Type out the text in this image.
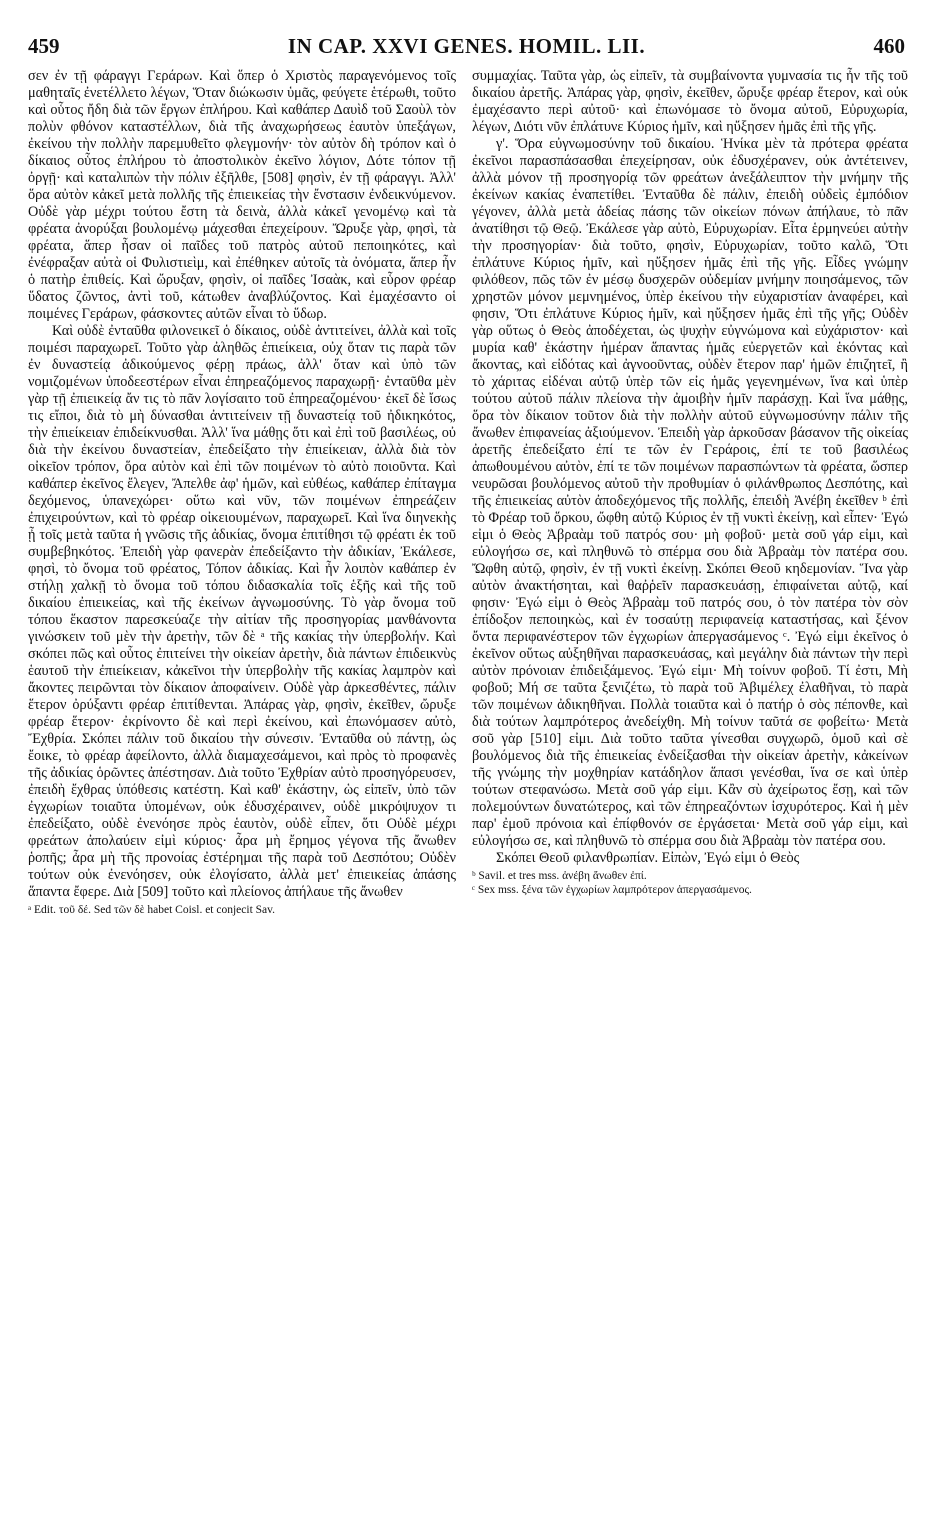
459	IN CAP. XXVI GENES. HOMIL. LII.	460

σεν ἐν τῇ φάραγγι Γεράρων. Καὶ ὅπερ ὁ Χριστὸς παραγενόμενος τοῖς μαθηταῖς ἐνετέλλετο λέγων, Ὅταν διώκωσιν ὑμᾶς, φεύγετε ἑτέρωθι, τοῦτο καὶ οὗτος ἤδη διὰ τῶν ἔργων ἐπλήρου. Καὶ καθάπερ Δαυὶδ τοῦ Σαοὺλ τὸν πολὺν φθόνον καταστέλλων, διὰ τῆς ἀναχωρήσεως ἑαυτὸν ὑπεξάγων, ἐκείνου τὴν πολλὴν παρεμυθεῖτο φλεγμονήν· τὸν αὐτὸν δὴ τρόπον καὶ ὁ δίκαιος οὗτος ἐπλήρου τὸ ἀποστολικὸν ἐκεῖνο λόγιον, Δότε τόπον τῇ ὀργῇ· καὶ καταλιπὼν τὴν πόλιν ἐξῆλθε, [508] φησὶν, ἐν τῇ φάραγγι. Ἀλλ' ὅρα αὐτὸν κἀκεῖ μετὰ πολλῆς τῆς ἐπιεικείας τὴν ἔνστασιν ἐνδεικνύμενον. Οὐδὲ γὰρ μέχρι τούτου ἔστη τὰ δεινὰ, ἀλλὰ κἀκεῖ γενομένῳ καὶ τὰ φρέατα ἀνορύξαι βουλομένῳ μάχεσθαι ἐπεχείρουν. Ὤρυξε γὰρ, φησὶ, τὰ φρέατα, ἅπερ ἦσαν οἱ παῖδες τοῦ πατρὸς αὐτοῦ πεποιηκότες, καὶ ἐνέφραξαν αὐτὰ οἱ Φυλιστιεὶμ, καὶ ἐπέθηκεν αὐτοῖς τὰ ὀνόματα, ἅπερ ἦν ὁ πατὴρ ἐπιθείς. Καὶ ὤρυξαν, φησὶν, οἱ παῖδες Ἰσαὰκ, καὶ εὗρον φρέαρ ὕδατος ζῶντος, ἀντὶ τοῦ, κάτωθεν ἀναβλύζοντος. Καὶ ἐμαχέσαντο οἱ ποιμένες Γεράρων, φάσκοντες αὐτῶν εἶναι τὸ ὕδωρ.

Καὶ οὐδὲ ἐνταῦθα φιλονεικεῖ ὁ δίκαιος, οὐδὲ ἀντιτείνει, ἀλλὰ καὶ τοῖς ποιμέσι παραχωρεῖ. Τοῦτο γὰρ ἀληθῶς ἐπιείκεια, οὐχ ὅταν τις παρὰ τῶν ἐν δυναστείᾳ ἀδικούμενος φέρῃ πράως, ἀλλ' ὅταν καὶ ὑπὸ τῶν νομιζομένων ὑποδεεστέρων εἶναι ἐπηρεαζόμενος παραχωρῇ· ἐνταῦθα μὲν γὰρ τῇ ἐπιεικείᾳ ἄν τις τὸ πᾶν λογίσαιτο τοῦ ἐπηρεαζομένου· ἐκεῖ δὲ ἴσως τις εἴποι, διὰ τὸ μὴ δύνασθαι ἀντιτείνειν τῇ δυναστείᾳ τοῦ ἠδικηκότος, τὴν ἐπιείκειαν ἐπιδείκνυσθαι. Ἀλλ' ἵνα μάθῃς ὅτι καὶ ἐπὶ τοῦ βασιλέως, οὐ διὰ τὴν ἐκείνου δυναστείαν, ἐπεδείξατο τὴν ἐπιείκειαν, ἀλλὰ διὰ τὸν οἰκεῖον τρόπον, ὅρα αὐτὸν καὶ ἐπὶ τῶν ποιμένων τὸ αὐτὸ ποιοῦντα. Καὶ καθάπερ ἐκεῖνος ἔλεγεν, Ἄπελθε ἀφ' ἡμῶν, καὶ εὐθέως, καθάπερ ἐπίταγμα δεχόμενος, ὑπανεχώρει· οὕτω καὶ νῦν, τῶν ποιμένων ἐπηρεάζειν ἐπιχειρούντων, καὶ τὸ φρέαρ οἰκειουμένων, παραχωρεῖ. Καὶ ἵνα διηνεκὴς ᾖ τοῖς μετὰ ταῦτα ἡ γνῶσις τῆς ἀδικίας, ὄνομα ἐπιτίθησι τῷ φρέατι ἐκ τοῦ συμβεβηκότος. Ἐπειδὴ γὰρ φανερὰν ἐπεδείξαντο τὴν ἀδικίαν, Ἐκάλεσε, φησὶ, τὸ ὄνομα τοῦ φρέατος, Τόπον ἀδικίας. Καὶ ἦν λοιπὸν καθάπερ ἐν στήλῃ χαλκῇ τὸ ὄνομα τοῦ τόπου διδασκαλία τοῖς ἑξῆς καὶ τῆς τοῦ δικαίου ἐπιεικείας, καὶ τῆς ἐκείνων ἀγνωμοσύνης. Τὸ γὰρ ὄνομα τοῦ τόπου ἕκαστον παρεσκεύαζε τὴν αἰτίαν τῆς προσηγορίας μανθάνοντα γινώσκειν τοῦ μὲν τὴν ἀρετὴν, τῶν δὲ ᵃ τῆς κακίας τὴν ὑπερβολήν. Καὶ σκόπει πῶς καὶ οὗτος ἐπιτείνει τὴν οἰκείαν ἀρετὴν, διὰ πάντων ἐπιδεικνὺς ἑαυτοῦ τὴν ἐπιείκειαν, κἀκεῖνοι τὴν ὑπερβολὴν τῆς κακίας λαμπρὸν καὶ ἄκοντες πειρῶνται τὸν δίκαιον ἀποφαίνειν. Οὐδὲ γὰρ ἀρκεσθέντες, πάλιν ἕτερον ὀρύξαντι φρέαρ ἐπιτίθενται. Ἀπάρας γὰρ, φησὶν, ἐκεῖθεν, ὤρυξε φρέαρ ἕτερον· ἐκρίνοντο δὲ καὶ περὶ ἐκείνου, καὶ ἐπωνόμασεν αὐτὸ, Ἔχθρία. Σκόπει πάλιν τοῦ δικαίου τὴν σύνεσιν. Ἐνταῦθα οὐ πάντῃ, ὡς ἔοικε, τὸ φρέαρ ἀφείλοντο, ἀλλὰ διαμαχεσάμενοι, καὶ πρὸς τὸ προφανὲς τῆς ἀδικίας ὁρῶντες ἀπέστησαν. Διὰ τοῦτο Ἐχθρίαν αὐτὸ προσηγόρευσεν, ἐπειδὴ ἔχθρας ὑπόθεσις κατέστη. Καὶ καθ' ἑκάστην, ὡς εἰπεῖν, ὑπὸ τῶν ἐγχωρίων τοιαῦτα ὑπομένων, οὐκ ἐδυσχέραινεν, οὐδὲ μικρόψυχον τι ἐπεδείξατο, οὐδὲ ἐνενόησε πρὸς ἑαυτὸν, οὐδὲ εἶπεν, ὅτι Οὐδὲ μέχρι φρεάτων ἀπολαύειν εἰμὶ κύριος· ἆρα μὴ ἔρημος γέγονα τῆς ἄνωθεν ῥοπῆς; ἆρα μὴ τῆς προνοίας ἐστέρημαι τῆς παρὰ τοῦ Δεσπότου; Οὐδὲν τούτων οὐκ ἐνενόησεν, οὐκ ἐλογίσατο, ἀλλὰ μετ' ἐπιεικείας ἁπάσης ἅπαντα ἔφερε. Διὰ [509] τοῦτο καὶ πλείονος ἀπήλαυε τῆς ἄνωθεν

ᵃ Edit. τοῦ δέ. Sed τῶν δὲ habet Coisl. et conjecit Sav.

συμμαχίας. Ταῦτα γὰρ, ὡς εἰπεῖν, τὰ συμβαίνοντα γυμνασία τις ἦν τῆς τοῦ δικαίου ἀρετῆς. Ἀπάρας γὰρ, φησὶν, ἐκεῖθεν, ὤρυξε φρέαρ ἕτερον, καὶ οὐκ ἐμαχέσαντο περὶ αὐτοῦ· καὶ ἐπωνόμασε τὸ ὄνομα αὐτοῦ, Εὐρυχωρία, λέγων, Διότι νῦν ἐπλάτυνε Κύριος ἡμῖν, καὶ ηὔξησεν ἡμᾶς ἐπὶ τῆς γῆς.

γ'. Ὅρα εὐγνωμοσύνην τοῦ δικαίου. Ἡνίκα μὲν τὰ πρότερα φρέατα ἐκεῖνοι παρασπάσασθαι ἐπεχείρησαν, οὐκ ἐδυσχέρανεν, οὐκ ἀντέτεινεν, ἀλλὰ μόνον τῇ προσηγορίᾳ τῶν φρεάτων ἀνεξάλειπτον τὴν μνήμην τῆς ἐκείνων κακίας ἐναπετίθει. Ἐνταῦθα δὲ πάλιν, ἐπειδὴ οὐδεὶς ἐμπόδιον γέγονεν, ἀλλὰ μετὰ ἀδείας πάσης τῶν οἰκείων πόνων ἀπήλαυε, τὸ πᾶν ἀνατίθησι τῷ Θεῷ. Ἐκάλεσε γὰρ αὐτὸ, Εὐρυχωρίαν. Εἶτα ἑρμηνεύει αὐτὴν τὴν προσηγορίαν· διὰ τοῦτο, φησὶν, Εὐρυχωρίαν, τοῦτο καλῶ, Ὅτι ἐπλάτυνε Κύριος ἡμῖν, καὶ ηὔξησεν ἡμᾶς ἐπὶ τῆς γῆς. Εἶδες γνώμην φιλόθεον, πῶς τῶν ἐν μέσῳ δυσχερῶν οὐδεμίαν μνήμην ποιησάμενος, τῶν χρηστῶν μόνον μεμνημένος, ὑπὲρ ἐκείνου τὴν εὐχαριστίαν ἀναφέρει, καὶ φησιν, Ὅτι ἐπλάτυνε Κύριος ἡμῖν, καὶ ηὔξησεν ἡμᾶς ἐπὶ τῆς γῆς; Οὐδὲν γὰρ οὕτως ὁ Θεὸς ἀποδέχεται, ὡς ψυχὴν εὐγνώμονα καὶ εὐχάριστον· καὶ μυρία καθ' ἑκάστην ἡμέραν ἅπαντας ἡμᾶς εὐεργετῶν καὶ ἑκόντας καὶ ἄκοντας, καὶ εἰδότας καὶ ἀγνοοῦντας, οὐδὲν ἕτερον παρ' ἡμῶν ἐπιζητεῖ, ἢ τὸ χάριτας εἰδέναι αὐτῷ ὑπὲρ τῶν εἰς ἡμᾶς γεγενημένων, ἵνα καὶ ὑπὲρ τούτου αὐτοῦ πάλιν πλείονα τὴν ἀμοιβὴν ἡμῖν παράσχῃ. Καὶ ἵνα μάθῃς, ὅρα τὸν δίκαιον τοῦτον διὰ τὴν πολλὴν αὐτοῦ εὐγνωμοσύνην πάλιν τῆς ἄνωθεν ἐπιφανείας ἀξιούμενον. Ἐπειδὴ γὰρ ἀρκοῦσαν βάσανον τῆς οἰκείας ἀρετῆς ἐπεδείξατο ἐπί τε τῶν ἐν Γεράροις, ἐπί τε τοῦ βασιλέως ἀπωθουμένου αὐτὸν, ἐπί τε τῶν ποιμένων παρασπώντων τὰ φρέατα, ὥσπερ νευρῶσαι βουλόμενος αὐτοῦ τὴν προθυμίαν ὁ φιλάνθρωπος Δεσπότης, καὶ τῆς ἐπιεικείας αὐτὸν ἀποδεχόμενος τῆς πολλῆς, ἐπειδὴ Ἀνέβη ἐκεῖθεν ᵇ ἐπὶ τὸ Φρέαρ τοῦ ὅρκου, ὤφθη αὐτῷ Κύριος ἐν τῇ νυκτὶ ἐκείνῃ, καὶ εἶπεν· Ἐγώ εἰμι ὁ Θεὸς Ἀβραὰμ τοῦ πατρός σου· μὴ φοβοῦ· μετὰ σοῦ γάρ εἰμι, καὶ εὐλογήσω σε, καὶ πληθυνῶ τὸ σπέρμα σου διὰ Ἀβραὰμ τὸν πατέρα σου. Ὤφθη αὐτῷ, φησὶν, ἐν τῇ νυκτὶ ἐκείνῃ. Σκόπει Θεοῦ κηδεμονίαν. Ἵνα γὰρ αὐτὸν ἀνακτήσηται, καὶ θαῤῥεῖν παρασκευάσῃ, ἐπιφαίνεται αὐτῷ, καί φησιν· Ἐγώ εἰμι ὁ Θεὸς Ἀβραὰμ τοῦ πατρός σου, ὁ τὸν πατέρα τὸν σὸν ἐπίδοξον πεποιηκὼς, καὶ ἐν τοσαύτῃ περιφανείᾳ καταστήσας, καὶ ξένον ὄντα περιφανέστερον τῶν ἐγχωρίων ἀπεργασάμενος ᶜ. Ἐγώ εἰμι ἐκεῖνος ὁ ἐκεῖνον οὕτως αὐξηθῆναι παρασκευάσας, καὶ μεγάλην διὰ πάντων τὴν περὶ αὐτὸν πρόνοιαν ἐπιδειξάμενος. Ἐγώ εἰμι· Μὴ τοίνυν φοβοῦ. Τί ἐστι, Μὴ φοβοῦ; Μή σε ταῦτα ξενιζέτω, τὸ παρὰ τοῦ Ἀβιμέλεχ ἐλαθῆναι, τὸ παρὰ τῶν ποιμένων ἀδικηθῆναι. Πολλὰ τοιαῦτα καὶ ὁ πατήρ ὁ σὸς πέπονθε, καὶ διὰ τούτων λαμπρότερος ἀνεδείχθη. Μὴ τοίνυν ταῦτά σε φοβείτω· Μετὰ σοῦ γὰρ [510] εἰμι. Διὰ τοῦτο ταῦτα γίνεσθαι συγχωρῶ, ὁμοῦ καὶ σὲ βουλόμενος διὰ τῆς ἐπιεικείας ἐνδείξασθαι τὴν οἰκείαν ἀρετὴν, κἀκείνων τῆς γνώμης τὴν μοχθηρίαν κατάδηλον ἅπασι γενέσθαι, ἵνα σε καὶ ὑπὲρ τούτων στεφανώσω. Μετὰ σοῦ γάρ εἰμι. Κἂν σὺ ἀχείρωτος ἔσῃ, καὶ τῶν πολεμούντων δυνατώτερος, καὶ τῶν ἐπηρεαζόντων ἰσχυρότερος. Καὶ ἡ μὲν παρ' ἐμοῦ πρόνοια καὶ ἐπίφθονόν σε ἐργάσεται· Μετὰ σοῦ γάρ εἰμι, καὶ εὐλογήσω σε, καὶ πληθυνῶ τὸ σπέρμα σου διὰ Ἀβραὰμ τὸν πατέρα σου.

Σκόπει Θεοῦ φιλανθρωπίαν. Εἰπὼν, Ἐγώ εἰμι ὁ Θεὸς

ᵇ Savil. et tres mss. ἀνέβη ἄνωθεν ἐπί.
ᶜ Sex mss. ξένα τῶν ἐγχωρίων λαμπρότερον ἀπεργασάμενος.
